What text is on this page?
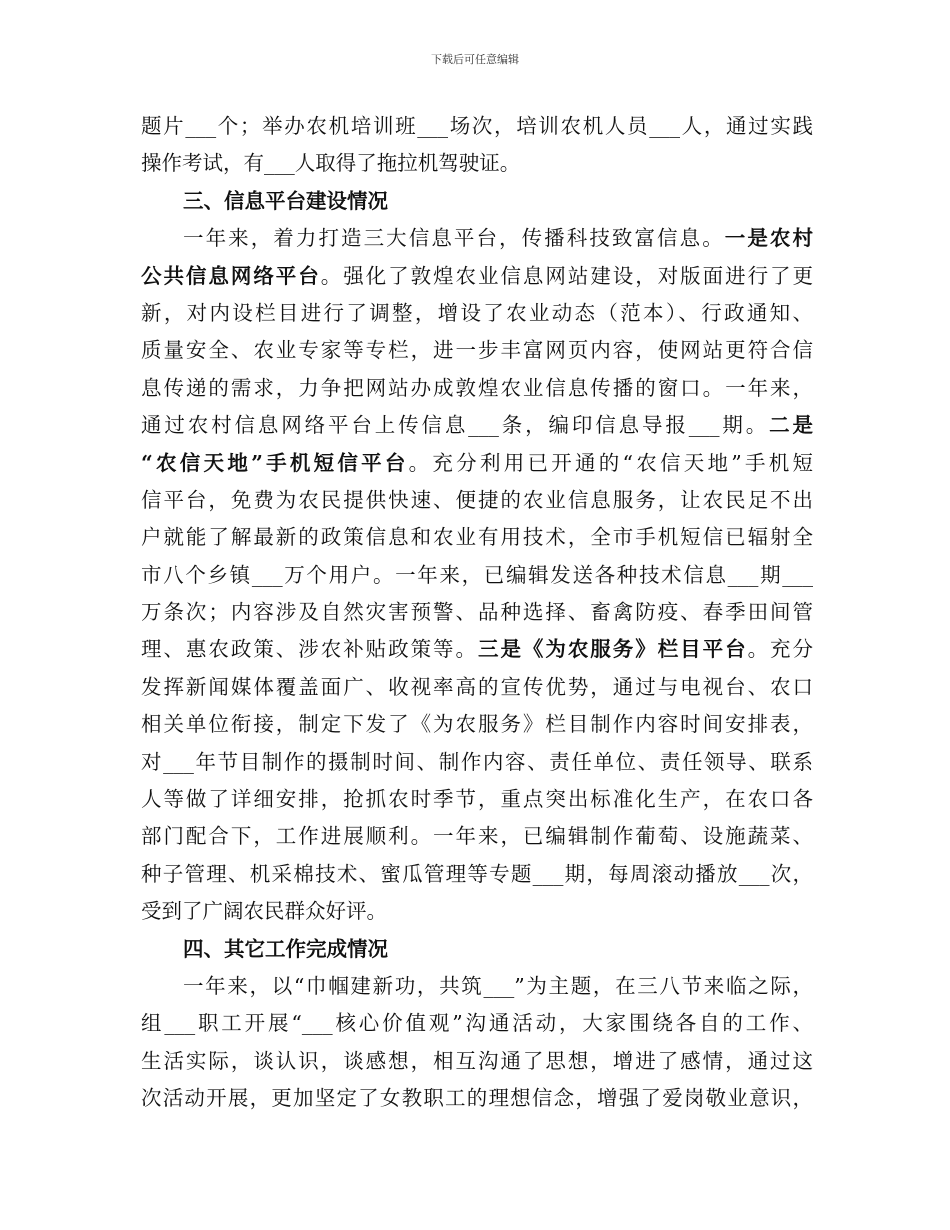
下载后可任意编辑
题片___个；举办农机培训班___场次，培训农机人员___人，通过实践
操作考试，有___人取得了拖拉机驾驶证。
三、信息平台建设情况
一年来，着力打造三大信息平台，传播科技致富信息。一是农村
公共信息网络平台。强化了敦煌农业信息网站建设，对版面进行了更
新，对内设栏目进行了调整，增设了农业动态（范本）、行政通知、
质量安全、农业专家等专栏，进一步丰富网页内容，使网站更符合信
息传递的需求，力争把网站办成敦煌农业信息传播的窗口。一年来，
通过农村信息网络平台上传信息___条，编印信息导报___期。二是
“农信天地”手机短信平台。充分利用已开通的“农信天地”手机短
信平台，免费为农民提供快速、便捷的农业信息服务，让农民足不出
户就能了解最新的政策信息和农业有用技术，全市手机短信已辐射全
市八个乡镇___万个用户。一年来，已编辑发送各种技术信息___期___
万条次；内容涉及自然灾害预警、品种选择、畜禽防疫、春季田间管
理、惠农政策、涉农补贴政策等。三是《为农服务》栏目平台。充分
发挥新闻媒体覆盖面广、收视率高的宣传优势，通过与电视台、农口
相关单位衔接，制定下发了《为农服务》栏目制作内容时间安排表，
对___年节目制作的摄制时间、制作内容、责任单位、责任领导、联系
人等做了详细安排，抢抓农时季节，重点突出标准化生产，在农口各
部门配合下，工作进展顺利。一年来，已编辑制作葡萄、设施蔬菜、
种子管理、机采棉技术、蜜瓜管理等专题___期，每周滚动播放___次，
受到了广阔农民群众好评。
四、其它工作完成情况
一年来，以“巾帼建新功，共筑___”为主题，在三八节来临之际，
组___职工开展“___核心价值观”沟通活动，大家围绕各自的工作、
生活实际，谈认识，谈感想，相互沟通了思想，增进了感情，通过这
次活动开展，更加坚定了女教职工的理想信念，增强了爱岗敬业意识，
